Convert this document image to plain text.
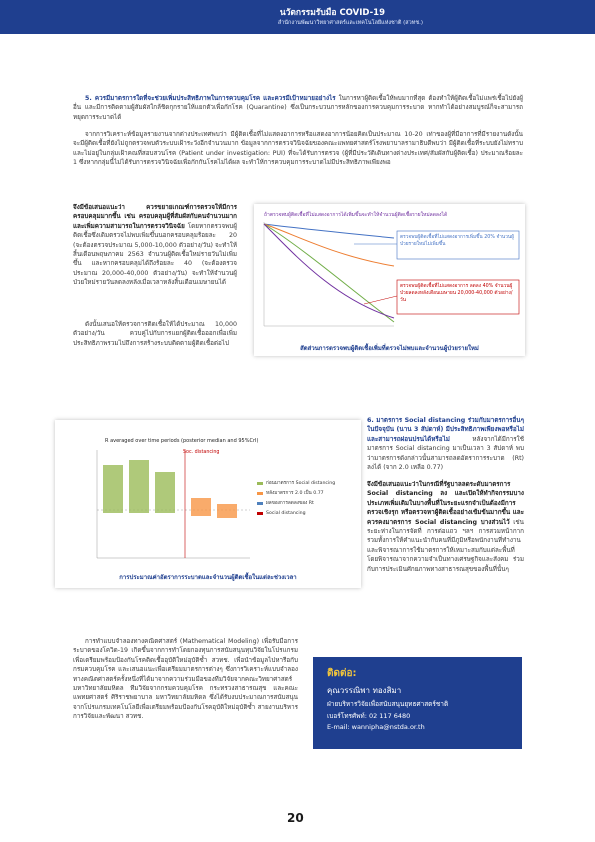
นวัตกรรมรับมือ COVID-19
สำนักงานพัฒนาวิทยาศาสตร์และเทคโนโลยีแห่งชาติ (สวทช.)
5. ควรมีมาตรการใดที่จะช่วยเพิ่มประสิทธิภาพในการควบคุมโรค และควรมีเป้าหมายอย่างไร ในการหาผู้ติดเชื้อให้พบมากที่สุด ต้องทำให้ผู้ติดเชื้อไม่แพร่เชื้อไปยังผู้อื่น และมีการติดตามผู้สัมผัสใกล้ชิดกุกรายให้แยกตัวเพื่อกักโรค (Quarantine) ซึ่งเป็นกระบวนการหลักของการควบคุมการระบาด หากทำได้อย่างสมบูรณ์ก็จะสามารถหยุดการระบาดได้
จากการวิเคราะห์ข้อมูลรายงานจากต่างประเทศพบว่า มีผู้ติดเชื้อที่ไม่แสดงอาการหรือแสดงอาการน้อยคิดเป็นประมาณ 10-20 เท่าของผู้ที่มีอาการที่มีรายงานดังนั้นจะมีผู้ติดเชื้อที่ยังไม่ถูกตรวจพบตัวระบบเฝ้าระวังอีกจำนวนมาก ข้อมูลจากการตรวจวินิจฉัยของคณะแพทยศาสตร์โรงพยาบาลรามาธิบดีพบว่า มีผู้ติดเชื้อที่ระบบยังไม่ทราบและไม่อยู่ในกลุ่มเฝ้าคณที่สอบสวนโรค (Patient under investigation: PUI) ที่จะได้รับการตรวจ (ผู้ที่มีประวัติเดินทางต่างประเทศ/สัมผัสกับผู้ติดเชื้อ) ประมาณร้อยละ 1 ซึ่งหากกลุ่มนี้ไม่ได้รับการตรวจวินิจฉัยเพื่อกักกันโรคไม่ได้ผล จะทำให้การควบคุมการระบาดไม่มีประสิทธิภาพเพียงพอ
จึงมีข้อเสนอแนะว่า ควรขยายเกณฑ์การตรวจให้มีการครอบคลุมมากขึ้น เช่น ครอบคลุมผู้ที่สัมผัสกับคนจำนวนมาก และเพิ่มความสามารถในการตรวจวินิจฉัย โดยหากตรวจพบผู้ติดเชื้อซึ่งเดิมตรวจไม่พบเพิ่มขึ้นนอกครอบคลุมร้อยละ 20 (จะต้องตรวจประมาณ 5,000-10,000 ตัวอย่าง/วัน) จะทำให้สิ้นเดือนพฤษภาคม 2563 จำนวนผู้ติดเชื้อใหม่รายวันไม่เพิ่มขึ้น และหากครอบคลุมได้ถึงร้อยละ 40 (จะต้องตรวจประมาณ 20,000-40,000 ตัวอย่าง/วัน) จะทำให้จำนวนผู้ป่วยใหม่รายวันลดลงหลังเมื่อเวลาหลังสิ้นเดือนเมษายนได้
ดังนั้นเสนอให้ตรวจการติดเชื้อให้ได้ประมาณ 10,000 ตัวอย่าง/วัน ควบคู่ไปกับการแยกผู้ติดเชื้อออกเพื่อเพิ่มประสิทธิภาพรวมไปถึงการสร้างระบบติดตามผู้ติดเชื้อต่อไป
ถ้าตรวจพบผู้ติดเชื้อที่ไม่แสดงอาการได้เพิ่มขึ้นจะทำให้จำนวนผู้ติดเชื้อรายใหม่ลดลงได้
ตรวจพบผู้ติดเชื้อที่ไม่แสดงอาการเพิ่มขึ้น 20% จำนวนผู้ป่วยรายใหม่ไม่เพิ่มขึ้น
ตรวจพบผู้ติดเชื้อที่ไม่แสดงอาการ ลดลง 40% จำนวนผู้ป่วยลดลงหลังเดือนเมษายน 20,000-40,000 ตัวอย่าง/วัน
สัดส่วนการตรวจพบผู้ติดเชื้อเพิ่มที่ตรวจไม่พบและจำนวนผู้ป่วยรายใหม่
R averaged over time periods (posterior median and 95%CrI)
Soc. distancing
ก่อนมาตรการ Social distancing
หลังมาตรการ 2.0 เป็น 0.77
ผลของการลดลงของ Rt
Social distancing
การประมาณค่าอัตราการระบาดและจำนวนผู้ติดเชื้อในแต่ละช่วงเวลา
6. มาตรการ Social distancing ร่วมกับมาตรการอื่นๆ ในปัจจุบัน (นาน 3 สัปดาห์) มีประสิทธิภาพเพียงพอหรือไม่ และสามารถผ่อนปรนได้หรือไม่	หลังจากได้มีการใช้มาตรการ Social distancing มาเป็นเวลา 3 สัปดาห์ พบว่ามาตรการดังกล่าวนั้นสามารถลดอัตราการระบาด (Rt) ลงได้ (จาก 2.0 เหลือ 0.77)
จึงมีข้อเสนอแนะว่าในกรณีที่รัฐบาลลดระดับมาตรการ Social distancing ลง และเปิดให้ทำกิจกรรมบางประเภทเพิ่มเติมในบางพื้นที่ในระยะแรกจำเป็นต้องมีการตรวจเชิงรุก หรือตรวจหาผู้ติดเชื้ออย่างเข้มข้นมากขึ้น และควรคงมาตรการ Social distancing บางส่วนไว้ เช่น ระยะห่างในการจัดที่ การต่อแถว ฯลฯ การสวมหน้ากาก รวมทั้งการให้คำแนะนำกับคนที่มีภูมิหรือพนักงานที่ทำงาน และพิจารณาการใช้มาตรการให้เหมาะสมกับแต่ละพื้นที่ โดยพิจารณาจากความจำเป็นทางเศรษฐกิจและสังคม ร่วมกับการประเมินศักยภาพทางสาธารณสุขของพื้นที่นั้นๆ
การทำแบบจำลองทางคณิตศาสตร์ (Mathematical Modeling) เพื่อรับมือการระบาดของโควิด-19 เกิดขึ้นจากการทำโดยกองทุนการสนับสนุนทุนวิจัยในโปรแกรมเพื่อเตรียมพร้อมป้องกันโรคติดเชื้ออุบัติใหม่อุบัติซ้ำ สวทช. เพื่อนำข้อมูลไปหารือกับกรมควบคุมโรค และเสนอแนะเพื่อเตรียมมาตรการต่างๆ ซึ่งการวิเคราะห์แบบจำลองทางคณิตศาสตร์ครั้งหนึ่งที่ได้มาจากความร่วมมือของทีมวิจัยจากคณะวิทยาศาสตร์ มหาวิทยาลัยมหิดล ทีมวิจัยจากกรมควบคุมโรค กระทรวงสาธารณสุข และคณะแพทยศาสตร์ ศิริราชพยาบาล มหาวิทยาลัยมหิดล ซึ่งได้รับงบประมาณการสนับสนุนจากโปรแกรมเทคโนโลยีเพื่อเตรียมพร้อมป้องกันโรคอุบัติใหม่อุบัติซ้ำ สายงานบริหารการวิจัยและพัฒนา สวทช.
ติดต่อ:
คุณวรรณิพา ทองสิมา
ฝ่ายบริหารวิจัยเพื่อสนับสนุนยุทธศาสตร์ชาติ
เบอร์โทรศัพท์: 02 117 6480
E-mail: wannipha@nstda.or.th
20
